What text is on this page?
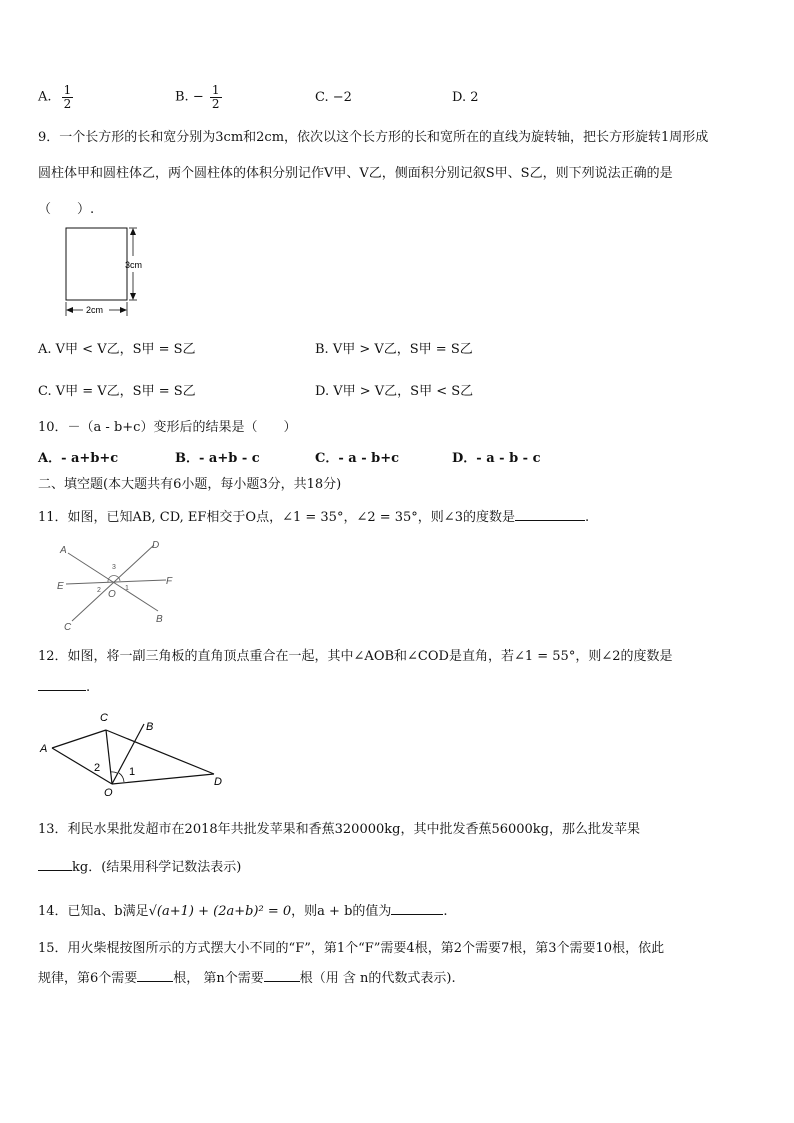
A. $\frac{1}{2}$	B. − $\frac{1}{2}$	C. −2	D. 2
9．一个长方形的长和宽分别为3cm和2cm，依次以这个长方形的长和宽所在的直线为旋转轴，把长方形旋转1周形成
圆柱体甲和圆柱体乙，两个圆柱体的体积分别记作V甲、V乙，侧面积分别记叙S甲、S乙，则下列说法正确的是
（　　）.
3cm
2cm
A. V甲 < V乙，S甲 = S乙	B. V甲 > V乙，S甲 = S乙
C. V甲 = V乙，S甲 = S乙	D. V甲 > V乙，S甲 < S乙
10．－（a - b+c）变形后的结果是（　　）
A．- a+b+c	B．- a+b - c	C．- a - b+c	D．- a - b - c
二、填空题(本大题共有6小题，每小题3分，共18分)
11．如图，已知AB, CD, EF相交于O点，∠1 = 35°，∠2 = 35°，则∠3的度数是	.
A	D
E	F
C
B
O
3
2	1
12．如图，将一副三角板的直角顶点重合在一起，其中∠AOB和∠COD是直角，若∠1 = 55°，则∠2的度数是
.
A
C
B
D
O
2	1
13．利民水果批发超市在2018年共批发苹果和香蕉320000kg，其中批发香蕉56000kg，那么批发苹果
kg．(结果用科学记数法表示)
14．已知a、b满足√(a+1) + (2a+b)² = 0，则a + b的值为	.
15．用火柴棍按图所示的方式摆大小不同的“F”，第1个“F”需要4根，第2个需要7根，第3个需要10根，依此
规律，第6个需要	根， 第n个需要	根（用 含 n的代数式表示).
